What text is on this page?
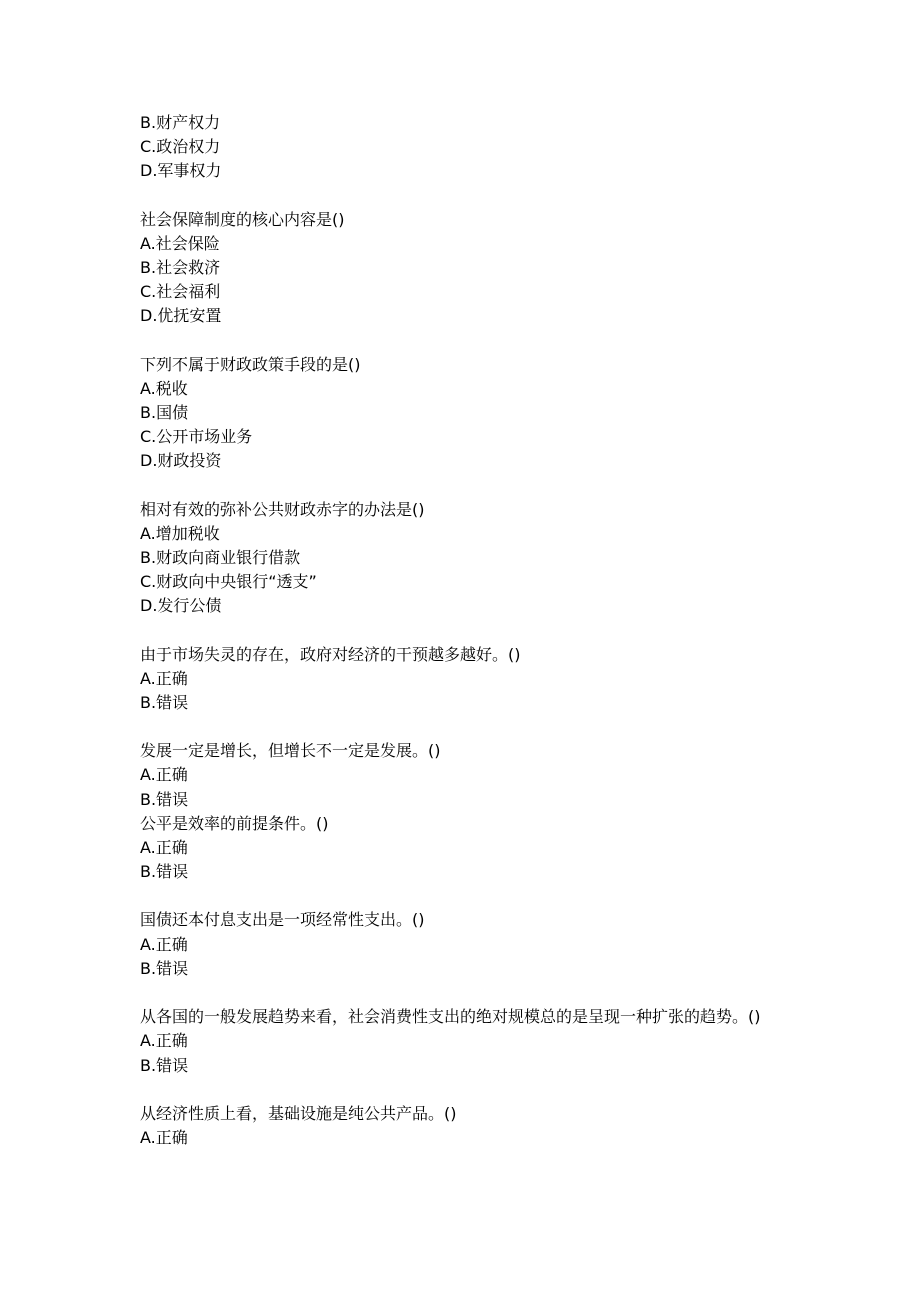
B.财产权力
C.政治权力
D.军事权力
社会保障制度的核心内容是()
A.社会保险
B.社会救济
C.社会福利
D.优抚安置
下列不属于财政政策手段的是()
A.税收
B.国债
C.公开市场业务
D.财政投资
相对有效的弥补公共财政赤字的办法是()
A.增加税收
B.财政向商业银行借款
C.财政向中央银行“透支”
D.发行公债
由于市场失灵的存在，政府对经济的干预越多越好。()
A.正确
B.错误
发展一定是增长，但增长不一定是发展。()
A.正确
B.错误
公平是效率的前提条件。()
A.正确
B.错误
国债还本付息支出是一项经常性支出。()
A.正确
B.错误
从各国的一般发展趋势来看，社会消费性支出的绝对规模总的是呈现一种扩张的趋势。()
A.正确
B.错误
从经济性质上看，基础设施是纯公共产品。()
A.正确
